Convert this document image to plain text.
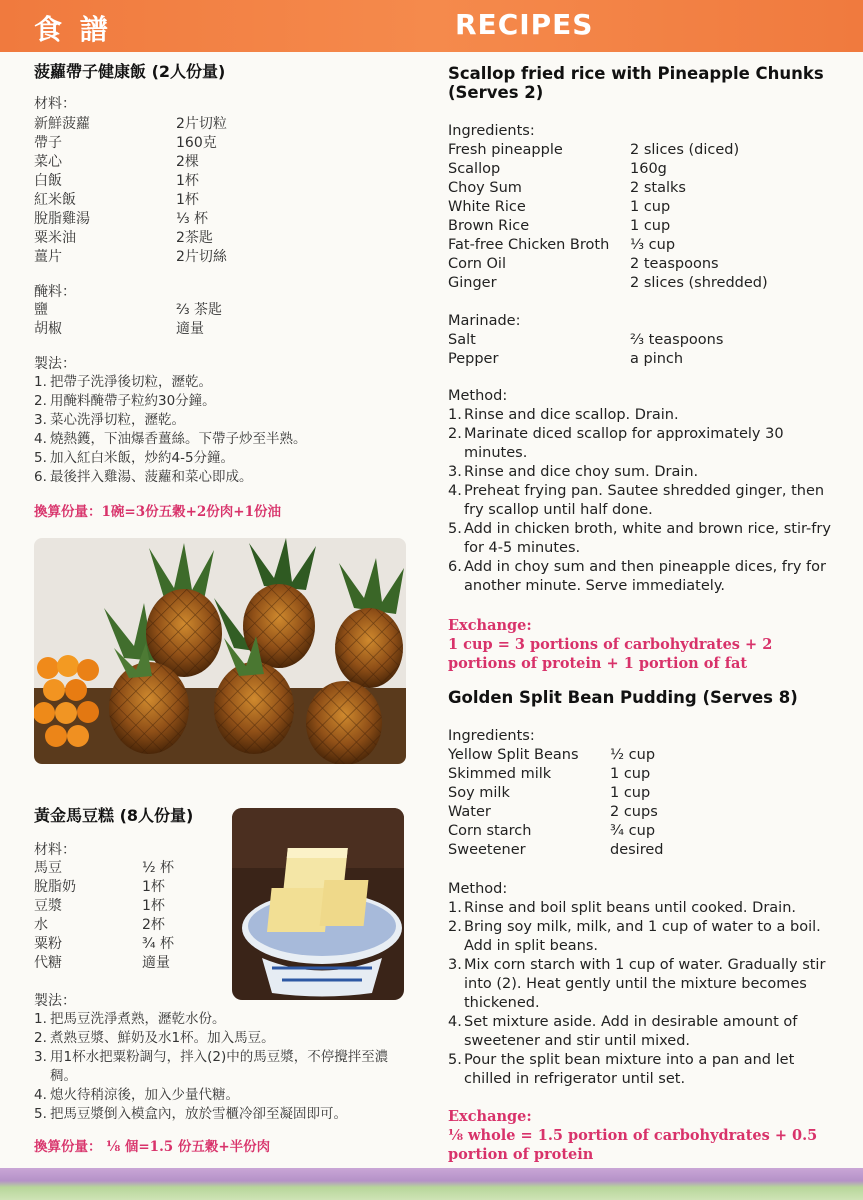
食 譜	RECIPES
菠蘿帶子健康飯 (2人份量)
材料：
新鮮菠蘿	2片切粒
帶子	160克
菜心	2棵
白飯	1杯
紅米飯	1杯
脫脂雞湯	⅓ 杯
粟米油	2茶匙
薑片	2片切絲
醃料：
鹽	⅔ 茶匙
胡椒	適量
製法：
1. 把帶子洗淨後切粒，瀝乾。
2. 用醃料醃帶子粒約30分鐘。
3. 菜心洗淨切粒，瀝乾。
4. 燒熱鑊，下油爆香薑絲。下帶子炒至半熟。
5. 加入紅白米飯，炒約4-5分鐘。
6. 最後拌入雞湯、菠蘿和菜心即成。
換算份量：1碗=3份五穀+2份肉+1份油
黃金馬豆糕 (8人份量)
材料：
馬豆	½ 杯
脫脂奶	1杯
豆漿	1杯
水	2杯
粟粉	¾ 杯
代糖	適量
製法：
1. 把馬豆洗淨煮熟，瀝乾水份。
2. 煮熟豆漿、鮮奶及水1杯。加入馬豆。
3. 用1杯水把粟粉調勻，拌入(2)中的馬豆漿，不停攪拌至濃稠。
4. 熄火待稍涼後，加入少量代糖。
5. 把馬豆漿倒入模盒內，放於雪櫃冷卻至凝固即可。
換算份量： ⅛ 個=1.5 份五穀+半份肉
Scallop fried rice with Pineapple Chunks (Serves 2)
Ingredients:
Fresh pineapple	2 slices (diced)
Scallop	160g
Choy Sum	2 stalks
White Rice	1 cup
Brown Rice	1 cup
Fat-free Chicken Broth	⅓ cup
Corn Oil	2 teaspoons
Ginger	2 slices (shredded)
Marinade:
Salt	⅔ teaspoons
Pepper	a pinch
Method:
1. Rinse and dice scallop. Drain.
2. Marinate diced scallop for approximately 30 minutes.
3. Rinse and dice choy sum. Drain.
4. Preheat frying pan. Sautee shredded ginger, then fry scallop until half done.
5. Add in chicken broth, white and brown rice, stir-fry for 4-5 minutes.
6. Add in choy sum and then pineapple dices, fry for another minute. Serve immediately.
Exchange:
1 cup = 3 portions of carbohydrates + 2 portions of protein + 1 portion of fat
Golden Split Bean Pudding (Serves 8)
Ingredients:
Yellow Split Beans	½ cup
Skimmed milk	1 cup
Soy milk	1 cup
Water	2 cups
Corn starch	¾ cup
Sweetener	desired
Method:
1. Rinse and boil split beans until cooked. Drain.
2. Bring soy milk, milk, and 1 cup of water to a boil. Add in split beans.
3. Mix corn starch with 1 cup of water. Gradually stir into (2). Heat gently until the mixture becomes thickened.
4. Set mixture aside. Add in desirable amount of sweetener and stir until mixed.
5. Pour the split bean mixture into a pan and let chilled in refrigerator until set.
Exchange:
⅛ whole = 1.5 portion of carbohydrates + 0.5 portion of protein
